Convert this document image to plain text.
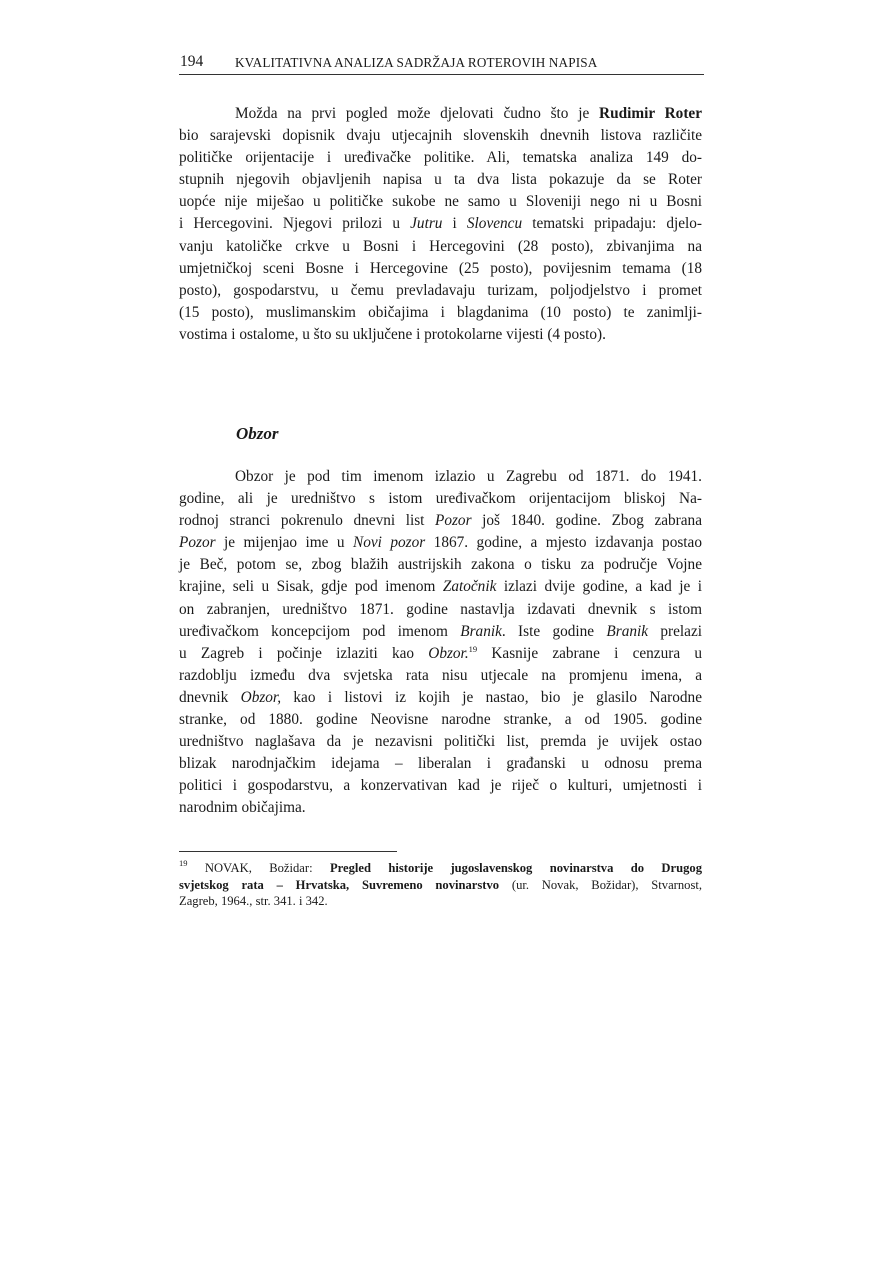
194 KVALITATIVNA ANALIZA SADRŽAJA ROTEROVIH NAPISA
Možda na prvi pogled može djelovati čudno što je Rudimir Roter
bio sarajevski dopisnik dvaju utjecajnih slovenskih dnevnih listova različite
političke orijentacije i uređivačke politike. Ali, tematska analiza 149 do-
stupnih njegovih objavljenih napisa u ta dva lista pokazuje da se Roter
uopće nije miješao u političke sukobe ne samo u Sloveniji nego ni u Bosni
i Hercegovini. Njegovi prilozi u Jutru i Slovencu tematski pripadaju: djelo-
vanju katoličke crkve u Bosni i Hercegovini (28 posto), zbivanjima na
umjetničkoj sceni Bosne i Hercegovine (25 posto), povijesnim temama (18
posto), gospodarstvu, u čemu prevladavaju turizam, poljodjelstvo i promet
(15 posto), muslimanskim običajima i blagdanima (10 posto) te zanimlji-
vostima i ostalome, u što su uključene i protokolarne vijesti (4 posto).
Obzor
Obzor je pod tim imenom izlazio u Zagrebu od 1871. do 1941.
godine, ali je uredništvo s istom uređivačkom orijentacijom bliskoj Na-
rodnoj stranci pokrenulo dnevni list Pozor još 1840. godine. Zbog zabrana
Pozor je mijenjao ime u Novi pozor 1867. godine, a mjesto izdavanja postao
je Beč, potom se, zbog blažih austrijskih zakona o tisku za područje Vojne
krajine, seli u Sisak, gdje pod imenom Zatočnik izlazi dvije godine, a kad je i
on zabranjen, uredništvo 1871. godine nastavlja izdavati dnevnik s istom
uređivačkom koncepcijom pod imenom Branik. Iste godine Branik prelazi
u Zagreb i počinje izlaziti kao Obzor.$^{19}$ Kasnije zabrane i cenzura u
razdoblju između dva svjetska rata nisu utjecale na promjenu imena, a
dnevnik Obzor, kao i listovi iz kojih je nastao, bio je glasilo Narodne
stranke, od 1880. godine Neovisne narodne stranke, a od 1905. godine
uredništvo naglašava da je nezavisni politički list, premda je uvijek ostao
blizak narodnjačkim idejama – liberalan i građanski u odnosu prema
politici i gospodarstvu, a konzervativan kad je riječ o kulturi, umjetnosti i
narodnim običajima.
$^{19}$ NOVAK, Božidar: Pregled historije jugoslavenskog novinarstva do Drugog
svjetskog rata – Hrvatska, Suvremeno novinarstvo (ur. Novak, Božidar), Stvarnost,
Zagreb, 1964., str. 341. i 342.
